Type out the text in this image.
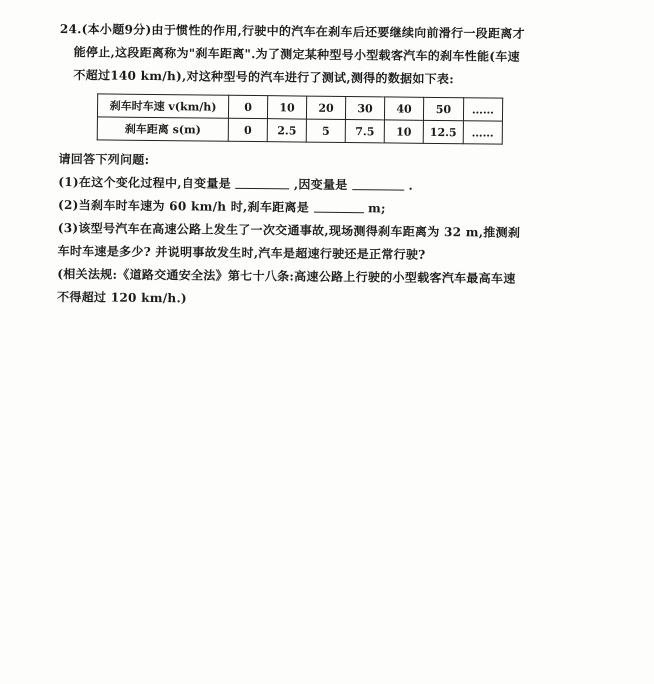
24.(本小题9分)由于惯性的作用,行驶中的汽车在刹车后还要继续向前滑行一段距离才
能停止,这段距离称为"刹车距离".为了测定某种型号小型载客汽车的刹车性能(车速
不超过140 km/h),对这种型号的汽车进行了测试,测得的数据如下表:
刹车时车速 v(km/h)	0	10	20	30	40	50	……
刹车距离 s(m)	0	2.5	5	7.5	10	12.5	……
请回答下列问题:
(1)在这个变化过程中,自变量是	,因变量是	.
(2)当刹车时车速为 60 km/h 时,刹车距离是	m;
(3)该型号汽车在高速公路上发生了一次交通事故,现场测得刹车距离为 32 m,推测刹
车时车速是多少? 并说明事故发生时,汽车是超速行驶还是正常行驶?
(相关法规:《道路交通安全法》第七十八条:高速公路上行驶的小型载客汽车最高车速
不得超过 120 km/h.)
